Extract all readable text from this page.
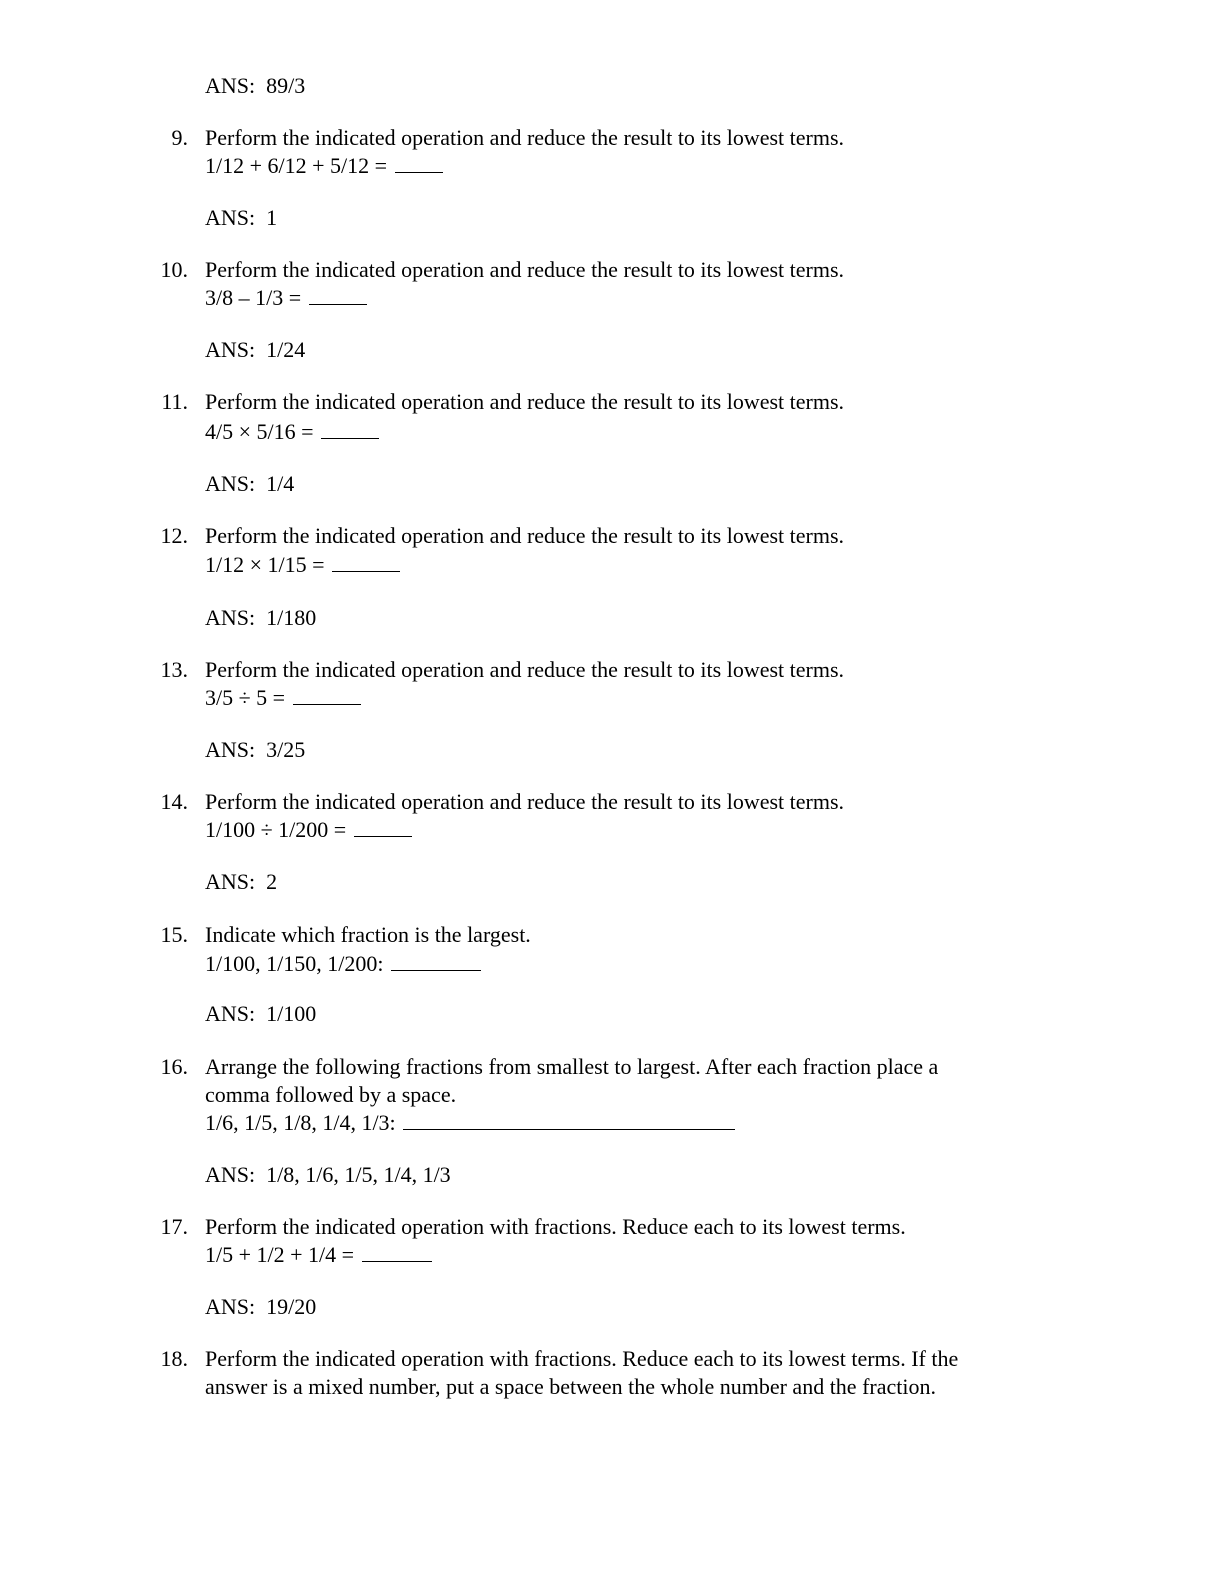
ANS:  89/3
9. Perform the indicated operation and reduce the result to its lowest terms.
1/12 + 6/12 + 5/12 =
ANS:  1
10. Perform the indicated operation and reduce the result to its lowest terms.
3/8 – 1/3 =
ANS:  1/24
11. Perform the indicated operation and reduce the result to its lowest terms.
4/5 × 5/16 =
ANS:  1/4
12. Perform the indicated operation and reduce the result to its lowest terms.
1/12 × 1/15 =
ANS:  1/180
13. Perform the indicated operation and reduce the result to its lowest terms.
3/5 ÷ 5 =
ANS:  3/25
14. Perform the indicated operation and reduce the result to its lowest terms.
1/100 ÷ 1/200 =
ANS:  2
15. Indicate which fraction is the largest.
1/100, 1/150, 1/200:
ANS:  1/100
16. Arrange the following fractions from smallest to largest. After each fraction place a
comma followed by a space.
1/6, 1/5, 1/8, 1/4, 1/3:
ANS:  1/8, 1/6, 1/5, 1/4, 1/3
17. Perform the indicated operation with fractions. Reduce each to its lowest terms.
1/5 + 1/2 + 1/4 =
ANS:  19/20
18. Perform the indicated operation with fractions. Reduce each to its lowest terms. If the
answer is a mixed number, put a space between the whole number and the fraction.
